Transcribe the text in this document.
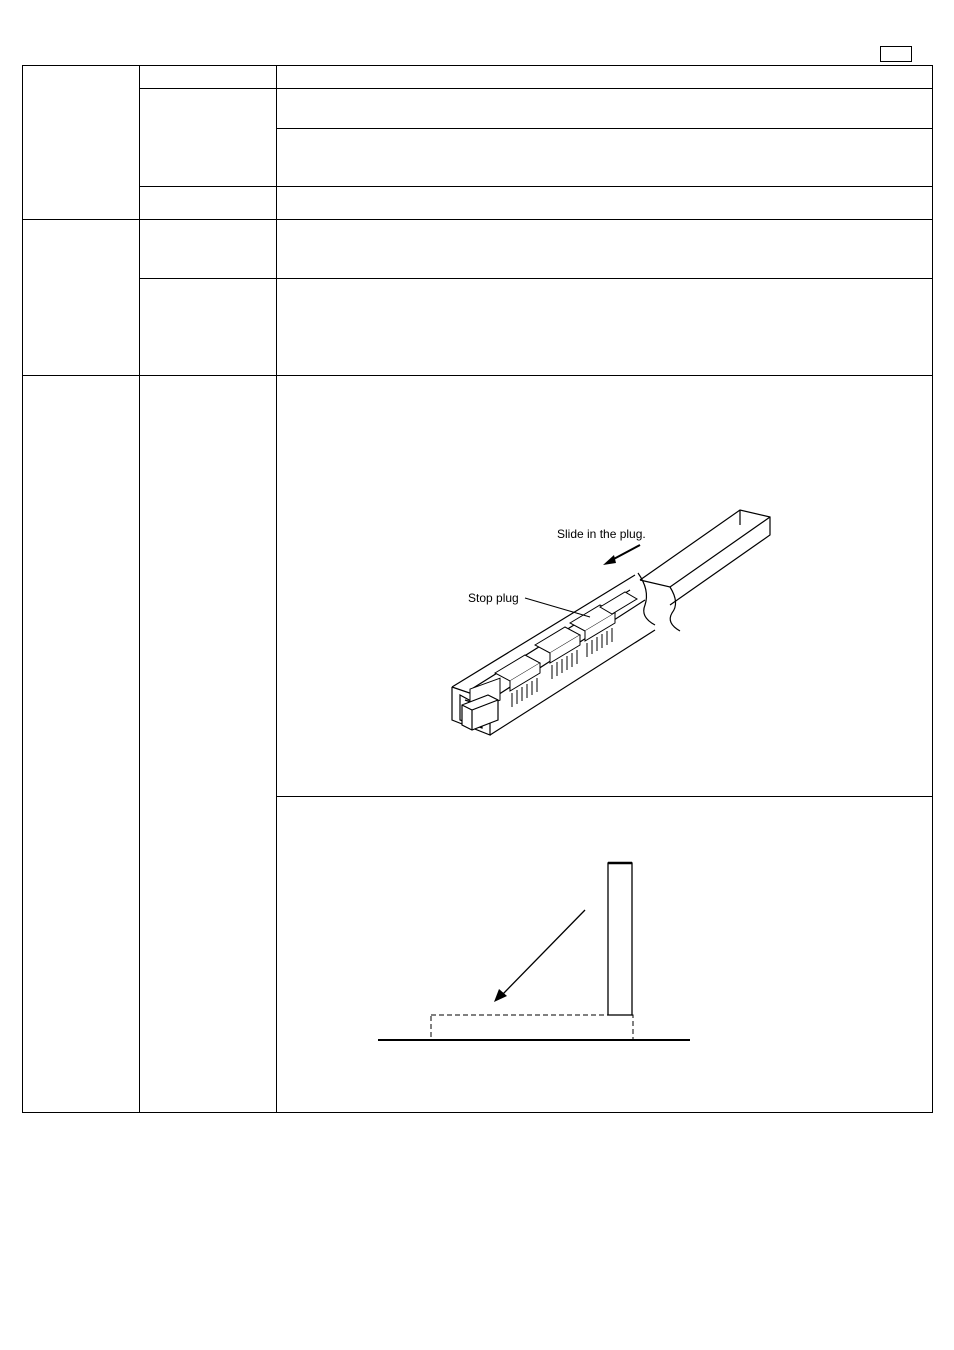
Slide in the plug.
Stop plug
